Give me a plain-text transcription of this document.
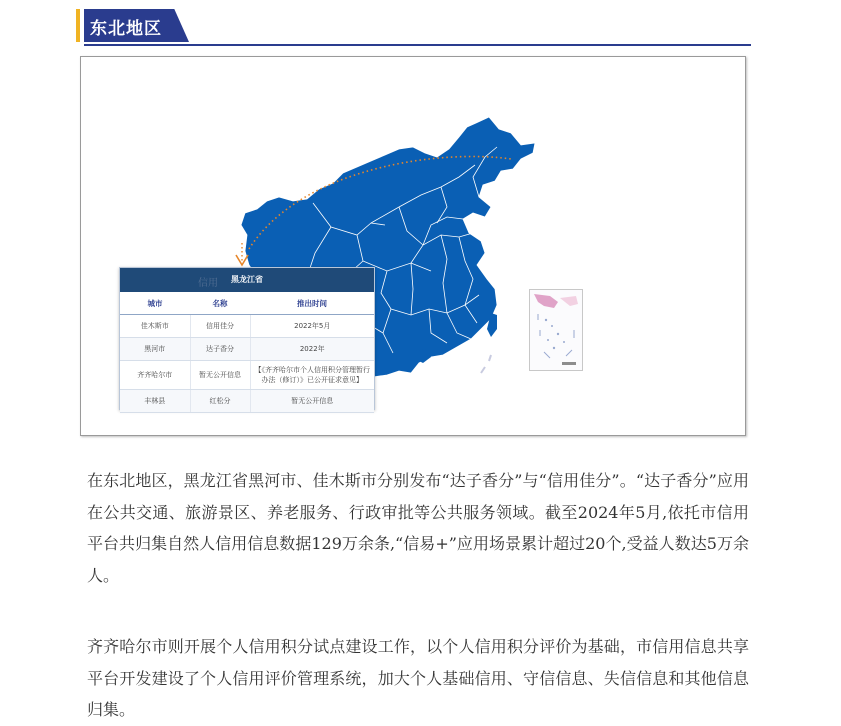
东北地区
黑龙江省
信用
城市	名称	推出时间
佳木斯市	信用佳分	2022年5月
黑河市	达子香分	2022年
齐齐哈尔市	暂无公开信息	【《齐齐哈尔市个人信用积分管理暂行办法（修订）》已公开征求意见】
丰林县	红松分	暂无公开信息

在东北地区，黑龙江省黑河市、佳木斯市分别发布“达子香分”与“信用佳分”。“达子香分”应用在公共交通、旅游景区、养老服务、行政审批等公共服务领域。截至2024年5月,依托市信用平台共归集自然人信用信息数据129万余条,“信易+”应用场景累计超过20个,受益人数达5万余人。

齐齐哈尔市则开展个人信用积分试点建设工作，以个人信用积分评价为基础，市信用信息共享平台开发建设了个人信用评价管理系统，加大个人基础信用、守信信息、失信信息和其他信息归集。
